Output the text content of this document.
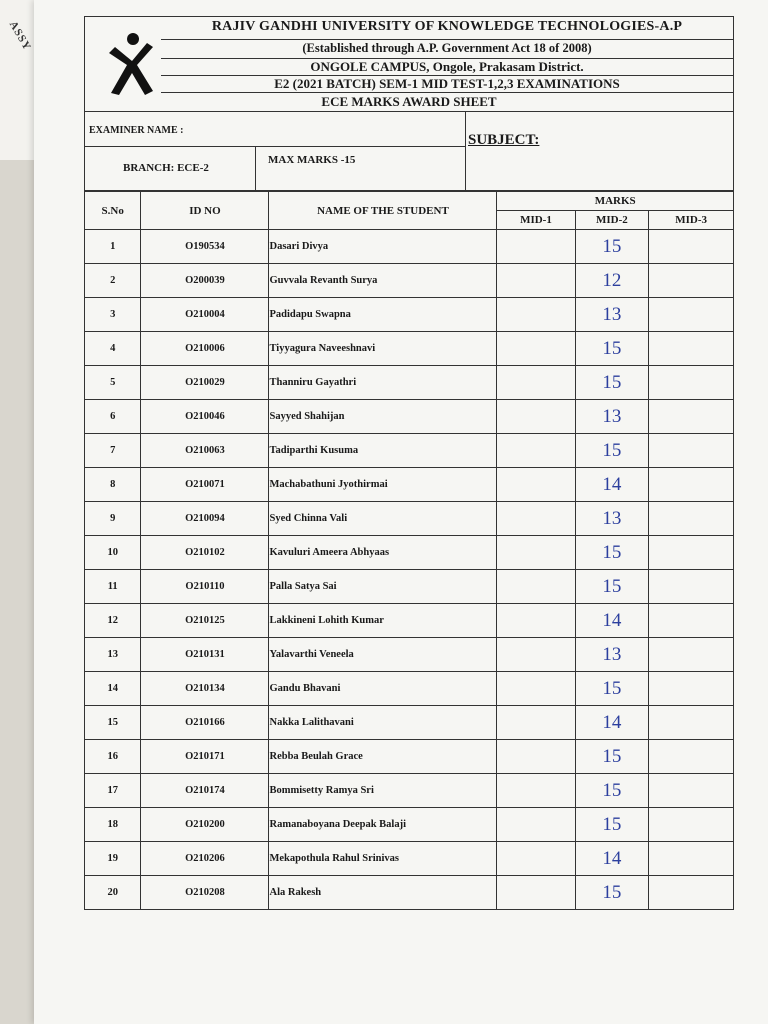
ASSY	RAJIV GANDHI UNIVERSITY OF KNOWLEDGE TECHNOLOGIES-A.P
(Established through A.P. Government Act 18 of 2008)
ONGOLE CAMPUS, Ongole, Prakasam District.
E2 (2021 BATCH) SEM-1 MID TEST-1,2,3 EXAMINATIONS
ECE MARKS AWARD SHEET
EXAMINER NAME :
SUBJECT:
BRANCH: ECE-2
MAX MARKS -15
S.No	ID NO	NAME OF THE STUDENT	MARKS		
			MID-1	MID-2	MID-3
1	O190534	Dasari Divya		15	
2	O200039	Guvvala Revanth Surya		12	
3	O210004	Padidapu Swapna		13	
4	O210006	Tiyyagura Naveeshnavi		15	
5	O210029	Thanniru Gayathri		15	
6	O210046	Sayyed Shahijan		13	
7	O210063	Tadiparthi Kusuma		15	
8	O210071	Machabathuni Jyothirmai		14	
9	O210094	Syed Chinna Vali		13	
10	O210102	Kavuluri Ameera Abhyaas		15	
11	O210110	Palla Satya Sai		15	
12	O210125	Lakkineni Lohith Kumar		14	
13	O210131	Yalavarthi Veneela		13	
14	O210134	Gandu Bhavani		15	
15	O210166	Nakka Lalithavani		14	
16	O210171	Rebba Beulah Grace		15	
17	O210174	Bommisetty Ramya Sri		15	
18	O210200	Ramanaboyana Deepak Balaji		15	
19	O210206	Mekapothula Rahul Srinivas		14	
20	O210208	Ala Rakesh		15	
